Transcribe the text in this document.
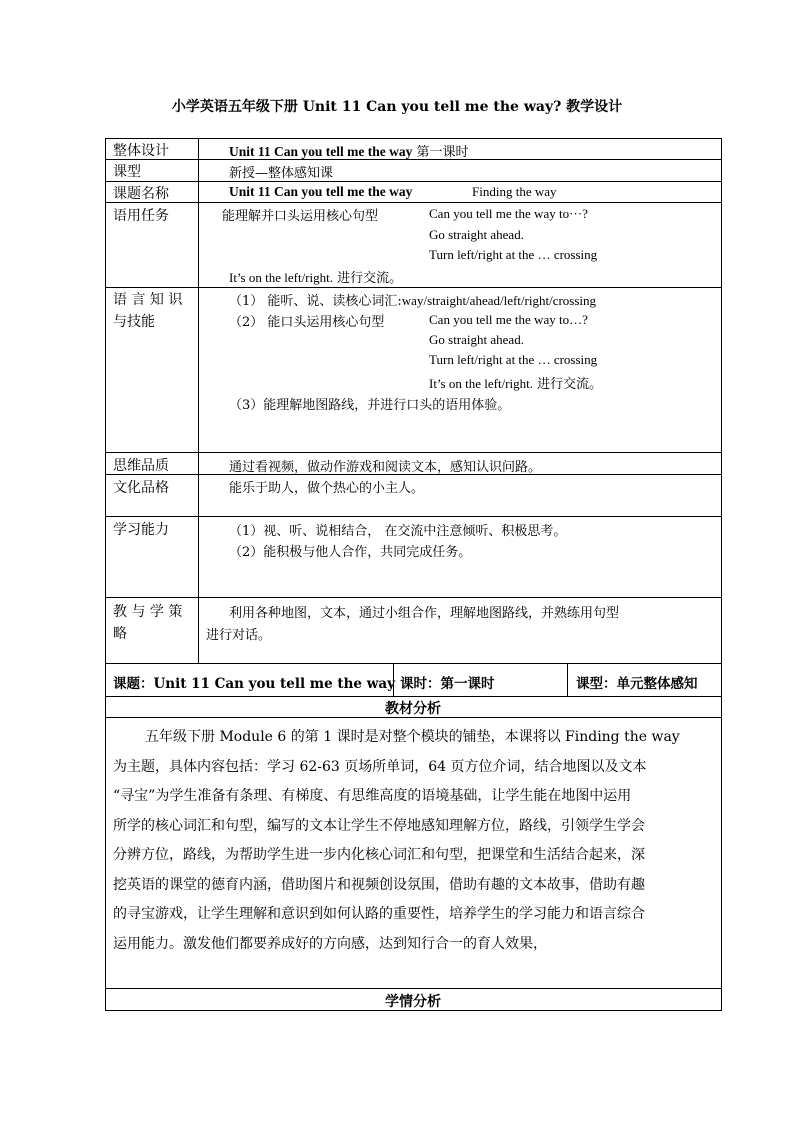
小学英语五年级下册 Unit 11 Can you tell me the way? 教学设计
整体设计	Unit 11 Can you tell me the way 第一课时
课型	新授—整体感知课
课题名称	Unit 11 Can you tell me the way	Finding the way
语用任务	能理解并口头运用核心句型	Can you tell me the way to···?
Go straight ahead.
Turn left/right at the … crossing
It’s on the left/right. 进行交流。
语 言 知 识
与技能
（1） 能听、说、读核心词汇:way/straight/ahead/left/right/crossing
（2） 能口头运用核心句型	Can you tell me the way to…?
Go straight ahead.
Turn left/right at the … crossing
It’s on the left/right. 进行交流。
（3）能理解地图路线，并进行口头的语用体验。
思维品质	通过看视频，做动作游戏和阅读文本，感知认识问路。
文化品格	能乐于助人，做个热心的小主人。
学习能力	（1）视、听、说相结合， 在交流中注意倾听、积极思考。
（2）能积极与他人合作，共同完成任务。
教 与 学 策
略
利用各种地图，文本，通过小组合作，理解地图路线，并熟练用句型
进行对话。
课题：Unit 11 Can you tell me the way 课时：第一课时	课型：单元整体感知
教材分析
五年级下册 Module 6 的第 1 课时是对整个模块的铺垫，本课将以 Finding the way
为主题，具体内容包括：学习 62-63 页场所单词，64 页方位介词，结合地图以及文本
“寻宝”为学生准备有条理、有梯度、有思维高度的语境基础，让学生能在地图中运用
所学的核心词汇和句型，编写的文本让学生不停地感知理解方位，路线，引领学生学会
分辨方位，路线，为帮助学生进一步内化核心词汇和句型，把课堂和生活结合起来，深
挖英语的课堂的德育内涵，借助图片和视频创设氛围，借助有趣的文本故事，借助有趣
的寻宝游戏，让学生理解和意识到如何认路的重要性，培养学生的学习能力和语言综合
运用能力。激发他们都要养成好的方向感，达到知行合一的育人效果，
学情分析
